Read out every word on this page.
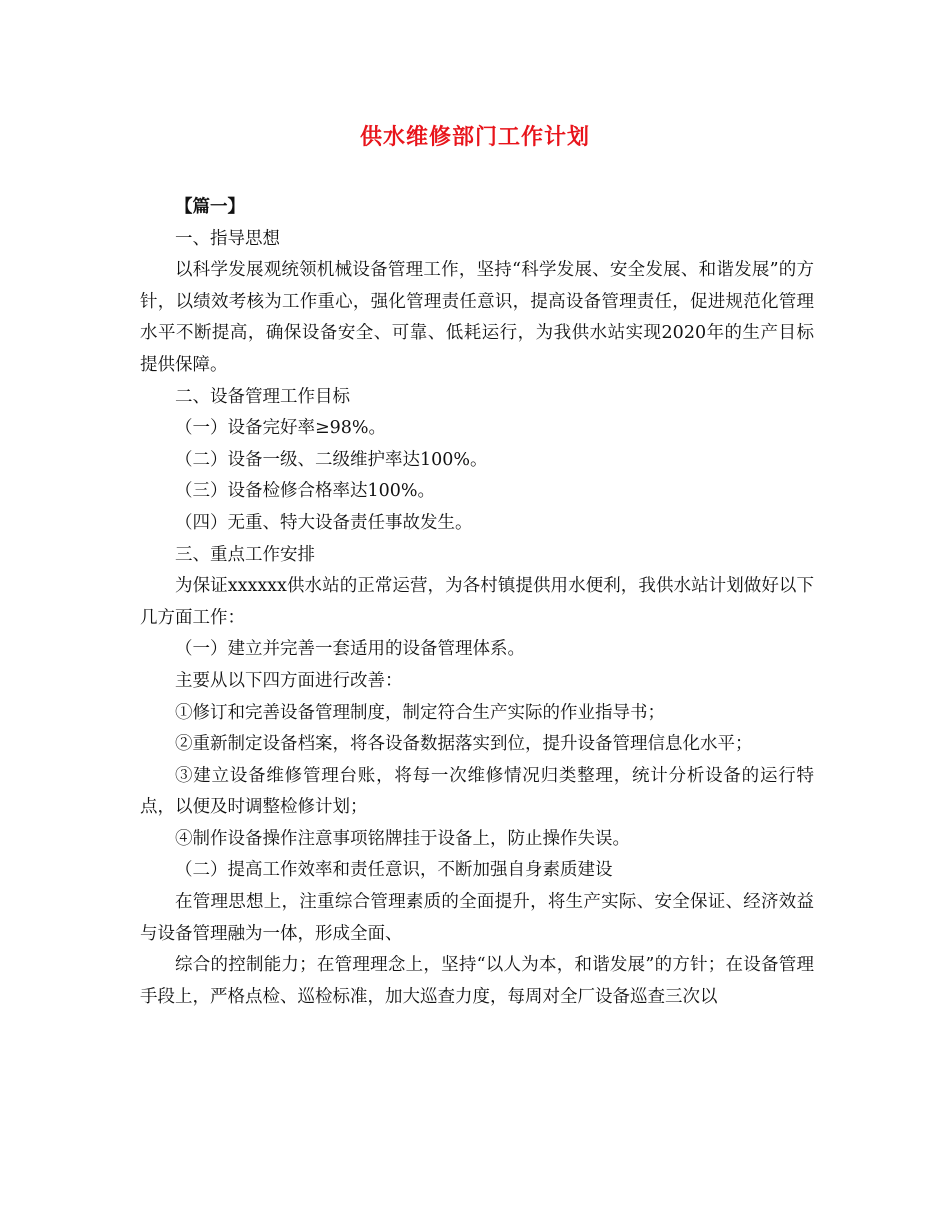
供水维修部门工作计划

【篇一】

一、指导思想

以科学发展观统领机械设备管理工作，坚持“科学发展、安全发展、和谐发展”的方针，以绩效考核为工作重心，强化管理责任意识，提高设备管理责任，促进规范化管理水平不断提高，确保设备安全、可靠、低耗运行，为我供水站实现2020年的生产目标提供保障。

二、设备管理工作目标

（一）设备完好率≥98%。

（二）设备一级、二级维护率达100%。

（三）设备检修合格率达100%。

（四）无重、特大设备责任事故发生。

三、重点工作安排

为保证xxxxxx供水站的正常运营，为各村镇提供用水便利，我供水站计划做好以下几方面工作：

（一）建立并完善一套适用的设备管理体系。

主要从以下四方面进行改善：

①修订和完善设备管理制度，制定符合生产实际的作业指导书；

②重新制定设备档案，将各设备数据落实到位，提升设备管理信息化水平；

③建立设备维修管理台账，将每一次维修情况归类整理，统计分析设备的运行特点，以便及时调整检修计划；

④制作设备操作注意事项铭牌挂于设备上，防止操作失误。

（二）提高工作效率和责任意识，不断加强自身素质建设

在管理思想上，注重综合管理素质的全面提升，将生产实际、安全保证、经济效益与设备管理融为一体，形成全面、

综合的控制能力；在管理理念上，坚持“以人为本，和谐发展”的方针；在设备管理手段上，严格点检、巡检标准，加大巡查力度，每周对全厂设备巡查三次以
